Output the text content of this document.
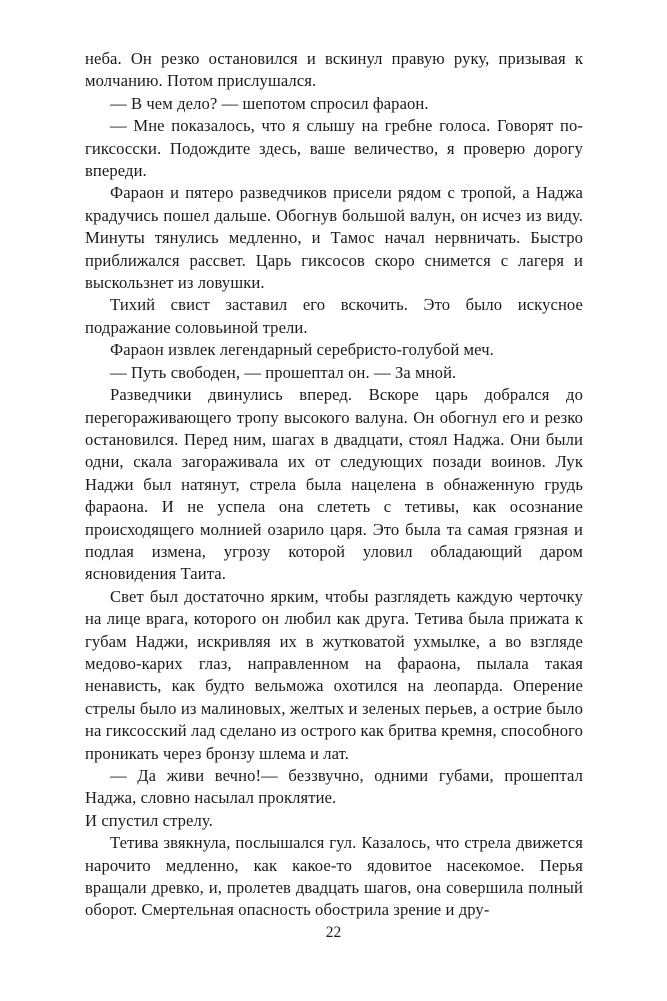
неба. Он резко остановился и вскинул правую руку, призывая к молчанию. Потом прислушался.

— В чем дело? — шепотом спросил фараон.

— Мне показалось, что я слышу на гребне голоса. Говорят по-гиксосски. Подождите здесь, ваше величество, я проверю дорогу впереди.

Фараон и пятеро разведчиков присели рядом с тропой, а Наджа крадучись пошел дальше. Обогнув большой валун, он исчез из виду. Минуты тянулись медленно, и Тамос начал нервничать. Быстро приближался рассвет. Царь гиксосов скоро снимется с лагеря и выскользнет из ловушки.

Тихий свист заставил его вскочить. Это было искусное подражание соловьиной трели.

Фараон извлек легендарный серебристо-голубой меч.

— Путь свободен, — прошептал он. — За мной.

Разведчики двинулись вперед. Вскоре царь добрался до перегораживающего тропу высокого валуна. Он обогнул его и резко остановился. Перед ним, шагах в двадцати, стоял Наджа. Они были одни, скала загораживала их от следующих позади воинов. Лук Наджи был натянут, стрела была нацелена в обнаженную грудь фараона. И не успела она слететь с тетивы, как осознание происходящего молнией озарило царя. Это была та самая грязная и подлая измена, угрозу которой уловил обладающий даром ясновидения Таита.

Свет был достаточно ярким, чтобы разглядеть каждую черточку на лице врага, которого он любил как друга. Тетива была прижата к губам Наджи, искривляя их в жутковатой ухмылке, а во взгляде медово-карих глаз, направленном на фараона, пылала такая ненависть, как будто вельможа охотился на леопарда. Оперение стрелы было из малиновых, желтых и зеленых перьев, а острие было на гиксосский лад сделано из острого как бритва кремня, способного проникать через бронзу шлема и лат.

— Да живи вечно!— беззвучно, одними губами, прошептал Наджа, словно насылал проклятие.

И спустил стрелу.

Тетива звякнула, послышался гул. Казалось, что стрела движется нарочито медленно, как какое-то ядовитое насекомое. Перья вращали древко, и, пролетев двадцать шагов, она совершила полный оборот. Смертельная опасность обострила зрение и дру-

22
